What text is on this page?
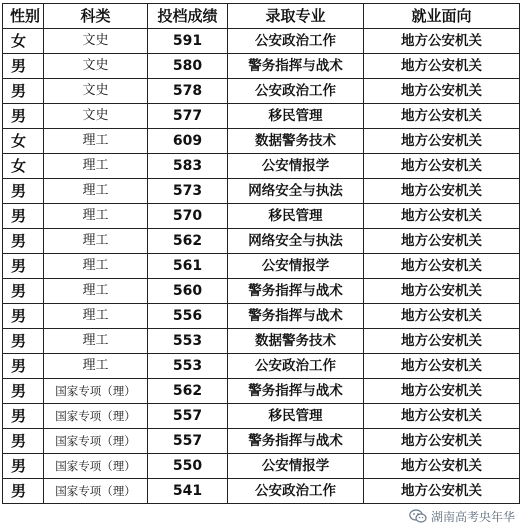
性别	科类	投档成绩	录取专业	就业面向
女	文史	591	公安政治工作	地方公安机关
男	文史	580	警务指挥与战术	地方公安机关
男	文史	578	公安政治工作	地方公安机关
男	文史	577	移民管理	地方公安机关
女	理工	609	数据警务技术	地方公安机关
女	理工	583	公安情报学	地方公安机关
男	理工	573	网络安全与执法	地方公安机关
男	理工	570	移民管理	地方公安机关
男	理工	562	网络安全与执法	地方公安机关
男	理工	561	公安情报学	地方公安机关
男	理工	560	警务指挥与战术	地方公安机关
男	理工	556	警务指挥与战术	地方公安机关
男	理工	553	数据警务技术	地方公安机关
男	理工	553	公安政治工作	地方公安机关
男	国家专项（理）	562	警务指挥与战术	地方公安机关
男	国家专项（理）	557	移民管理	地方公安机关
男	国家专项（理）	557	警务指挥与战术	地方公安机关
男	国家专项（理）	550	公安情报学	地方公安机关
男	国家专项（理）	541	公安政治工作	地方公安机关
湖南高考央年华
